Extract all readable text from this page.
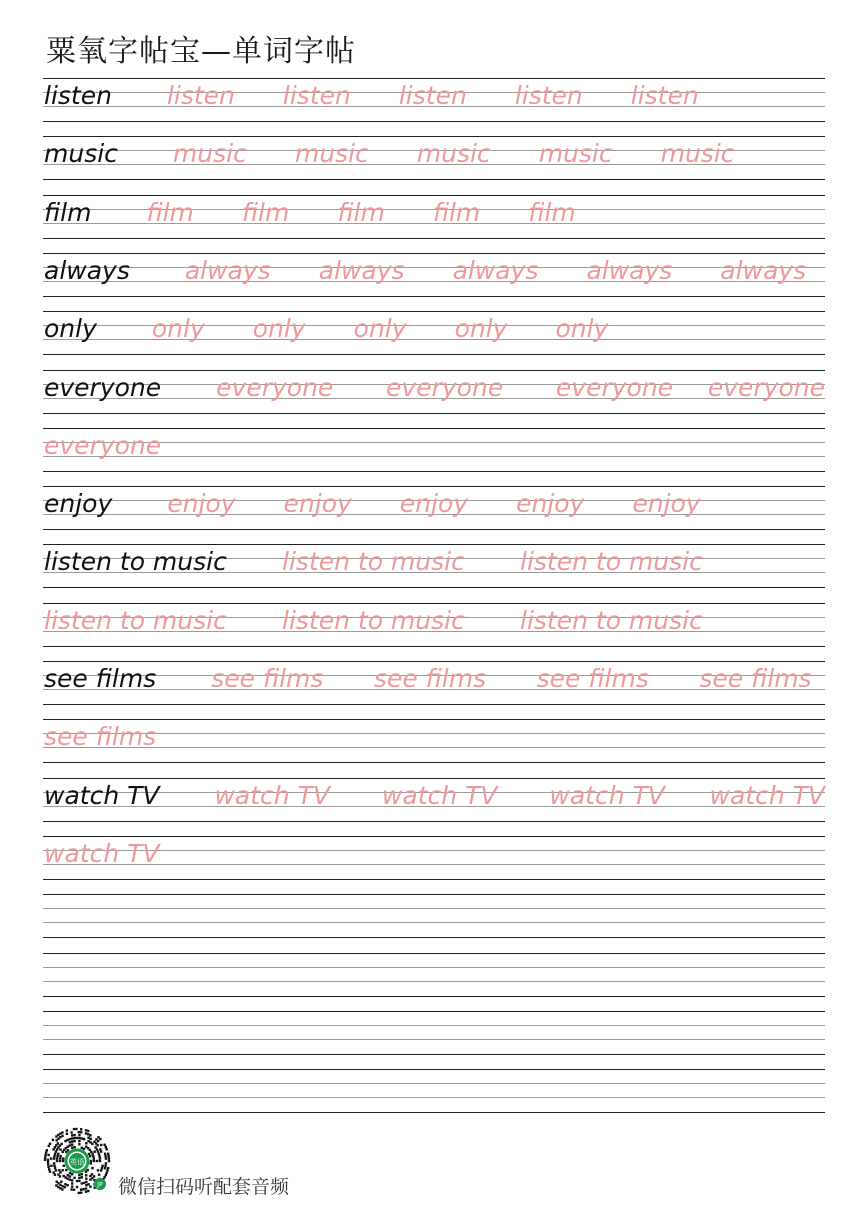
粟氧字帖宝—单词字帖
listen listen listen listen listen listen
music music music music music music
film film film film film film
always always always always always always
only only only only only only
everyone everyone everyone everyone everyone
everyone
enjoy enjoy enjoy enjoy enjoy enjoy
listen to music listen to music listen to music
listen to music listen to music listen to music
see films see films see films see films see films
see films
watch TV watch TV watch TV watch TV watch TV
watch TV
英语
JP 微信扫码听配套音频
